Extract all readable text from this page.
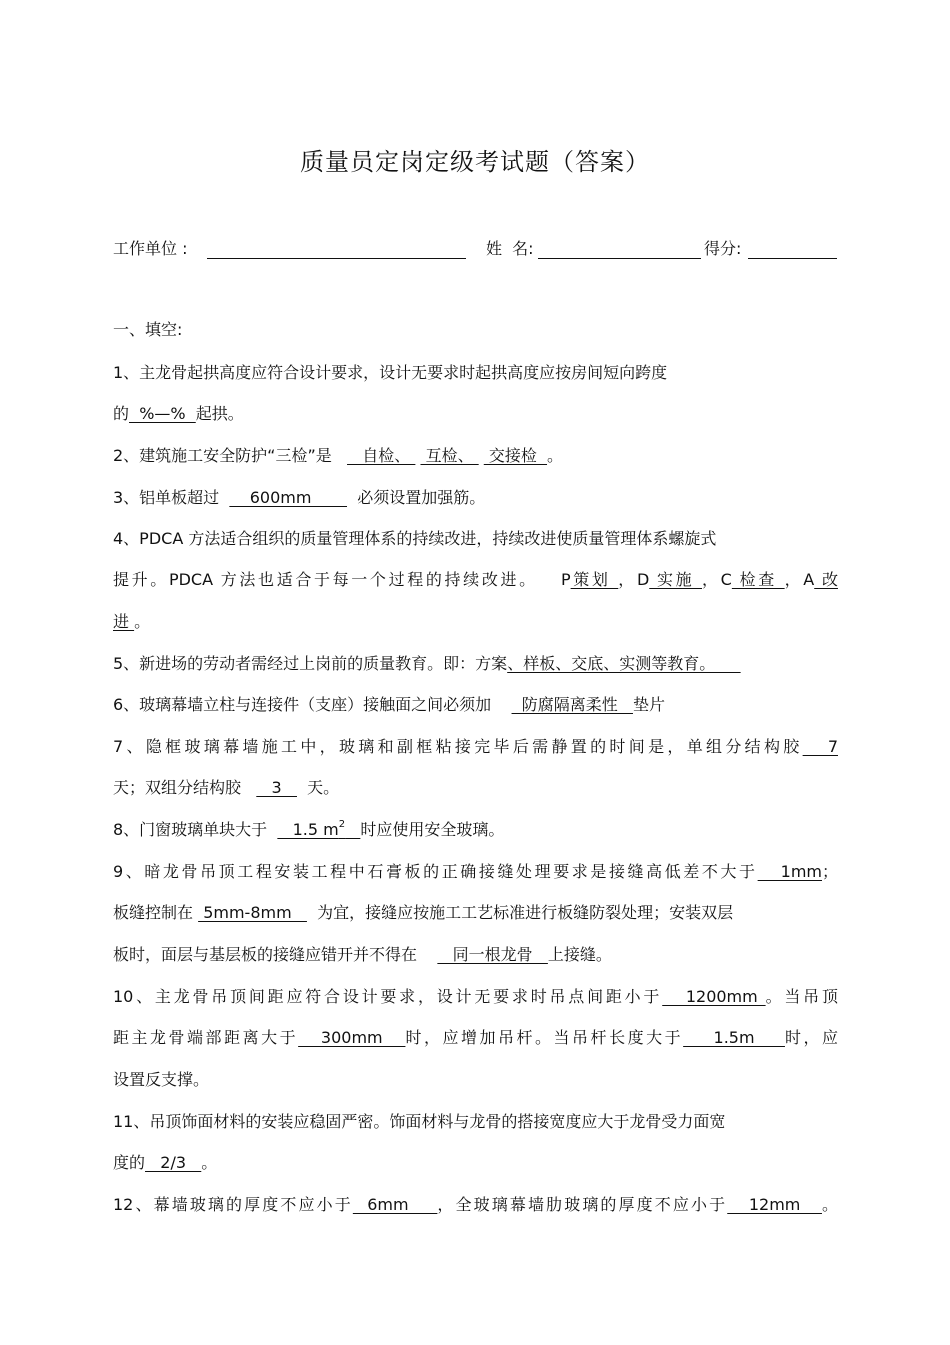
质量员定岗定级考试题（答案）
工作单位 :	姓  名:	得分:
一、填空:
1、主龙骨起拱高度应符合设计要求，设计无要求时起拱高度应按房间短向跨度
的  %—%  起拱。
2、建筑施工安全防护“三检”是      自检、   互检、   交接检  。
3、铝单板超过      600mm         必须设置加强筋。
4、PDCA 方法适合组织的质量管理体系的持续改进，持续改进使质量管理体系螺旋式
提升。PDCA 方法也适合于每一个过程的持续改进。   P策划 ，D 实施 ，C 检查 ，A 改
进 。
5、新进场的劳动者需经过上岗前的质量教育。即：方案、样板、交底、实测等教育。
6、玻璃幕墙立柱与连接件（支座）接触面之间必须加      防腐隔离柔性   垫片
7、隐框玻璃幕墙施工中，玻璃和副框粘接完毕后需静置的时间是，单组分结构胶   7
天；双组分结构胶      3     天。
8、门窗玻璃单块大于     1.5 $m^2$ 时应使用安全玻璃。
9、暗龙骨吊顶工程安装工程中石膏板的正确接缝处理要求是接缝高低差不大于   1mm；
板缝控制在  5mm-8mm     为宜，接缝应按施工工艺标准进行板缝防裂处理；安装双层
板时，面层与基层板的接缝应错开并不得在       同一根龙骨   上接缝。
10、主龙骨吊顶间距应符合设计要求，设计无要求时吊点间距小于   1200mm 。当吊顶
距主龙骨端部距离大于   300mm   时，应增加吊杆。当吊杆长度大于    1.5m    时，应
设置反支撑。
11、吊顶饰面材料的安装应稳固严密。饰面材料与龙骨的搭接宽度应大于龙骨受力面宽
度的   2/3   。
12、幕墙玻璃的厚度不应小于  6mm    ，全玻璃幕墙肋玻璃的厚度不应小于   12mm   。
